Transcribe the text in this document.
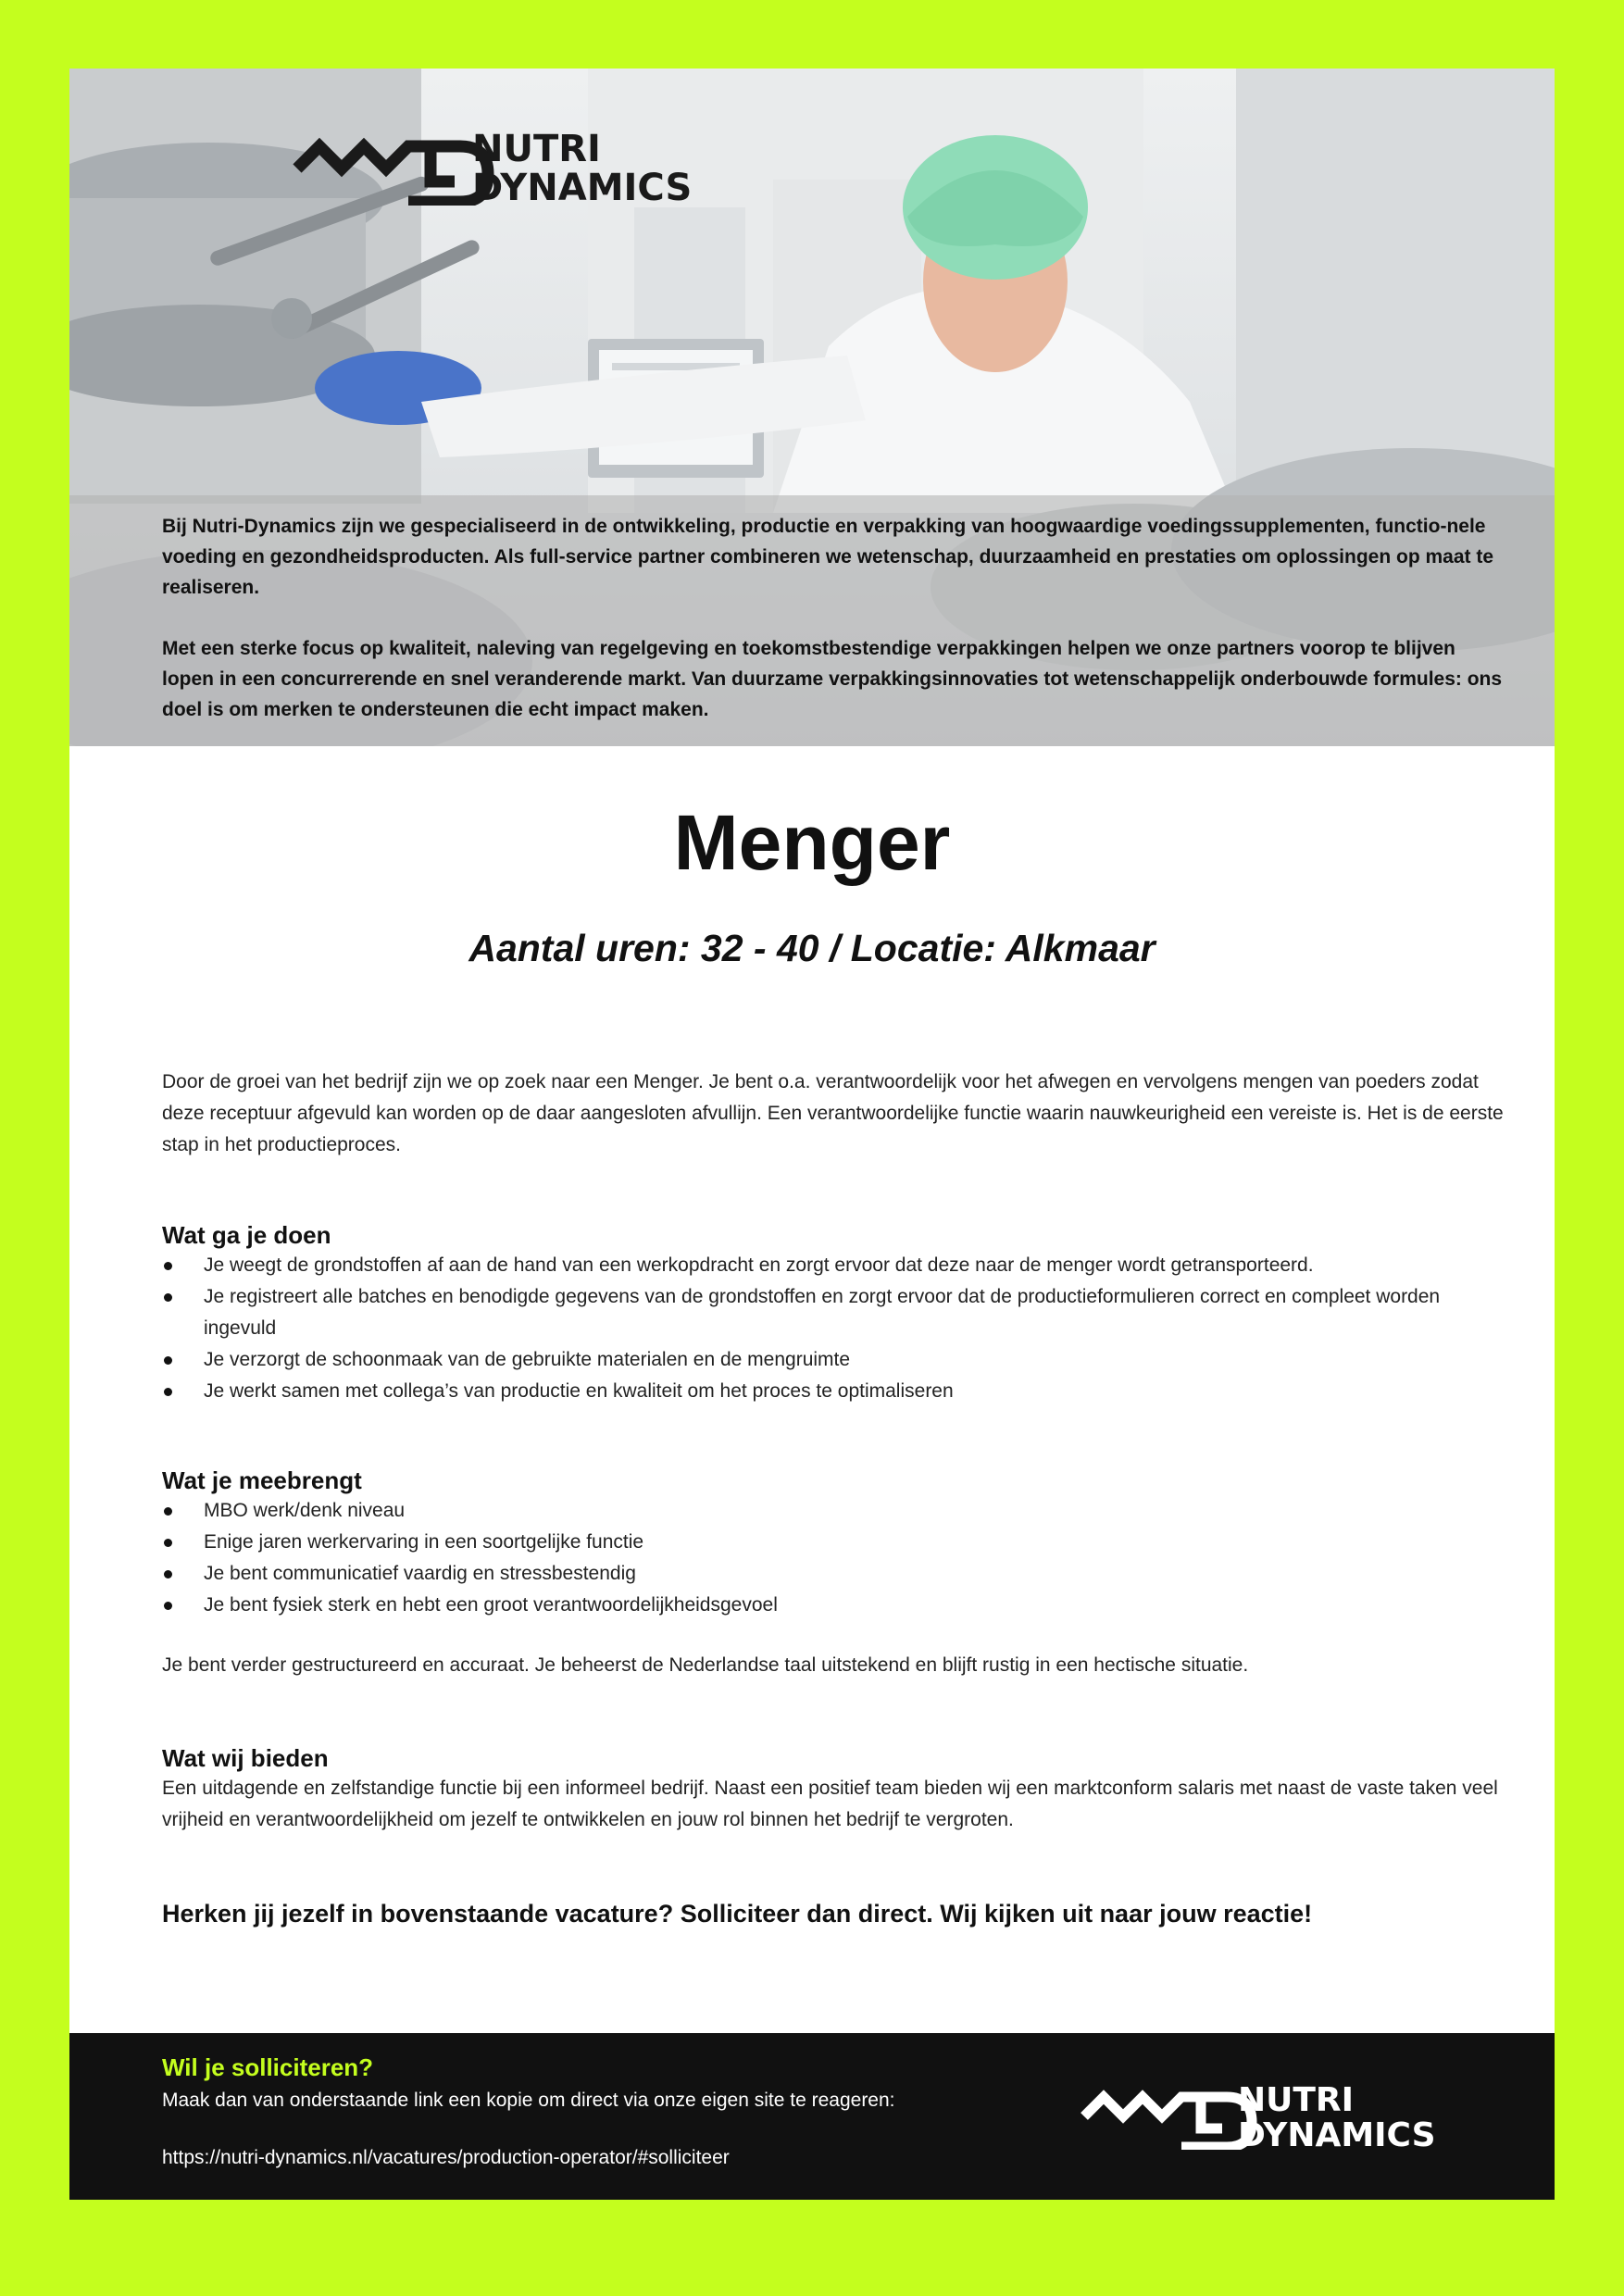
NUTRI
DYNAMICS

Bij Nutri-Dynamics zijn we gespecialiseerd in de ontwikkeling, productie en verpakking van hoogwaardige voedingssupplementen, functio-nele voeding en gezondheidsproducten. Als full-service partner combineren we wetenschap, duurzaamheid en prestaties om oplossingen op maat te realiseren.

Met een sterke focus op kwaliteit, naleving van regelgeving en toekomstbestendige verpakkingen helpen we onze partners voorop te blijven lopen in een concurrerende en snel veranderende markt. Van duurzame verpakkingsinnovaties tot wetenschappelijk onderbouwde formules: ons doel is om merken te ondersteunen die echt impact maken.

Menger
Aantal uren: 32 - 40 / Locatie: Alkmaar

Door de groei van het bedrijf zijn we op zoek naar een Menger. Je bent o.a. verantwoordelijk voor het afwegen en vervolgens mengen van poeders zodat deze receptuur afgevuld kan worden op de daar aangesloten afvullijn. Een verantwoordelijke functie waarin nauwkeurigheid een vereiste is. Het is de eerste stap in het productieproces.

Wat ga je doen
Je weegt de grondstoffen af aan de hand van een werkopdracht en zorgt ervoor dat deze naar de menger wordt getransporteerd.
Je registreert alle batches en benodigde gegevens van de grondstoffen en zorgt ervoor dat de productieformulieren correct en compleet worden ingevuld
Je verzorgt de schoonmaak van de gebruikte materialen en de mengruimte
Je werkt samen met collega’s van productie en kwaliteit om het proces te optimaliseren
Wat je meebrengt
MBO werk/denk niveau
Enige jaren werkervaring in een soortgelijke functie
Je bent communicatief vaardig en stressbestendig
Je bent fysiek sterk en hebt een groot verantwoordelijkheidsgevoel

Je bent verder gestructureerd en accuraat. Je beheerst de Nederlandse taal uitstekend en blijft rustig in een hectische situatie.

Wat wij bieden

Een uitdagende en zelfstandige functie bij een informeel bedrijf. Naast een positief team bieden wij een marktconform salaris met naast de vaste taken veel vrijheid en verantwoordelijkheid om jezelf te ontwikkelen en jouw rol binnen het bedrijf te vergroten.

Herken jij jezelf in bovenstaande vacature? Solliciteer dan direct. Wij kijken uit naar jouw reactie!

Wil je solliciteren?

Maak dan van onderstaande link een kopie om direct via onze eigen site te reageren:

https://nutri-dynamics.nl/vacatures/production-operator/#solliciteer

NUTRI
DYNAMICS
